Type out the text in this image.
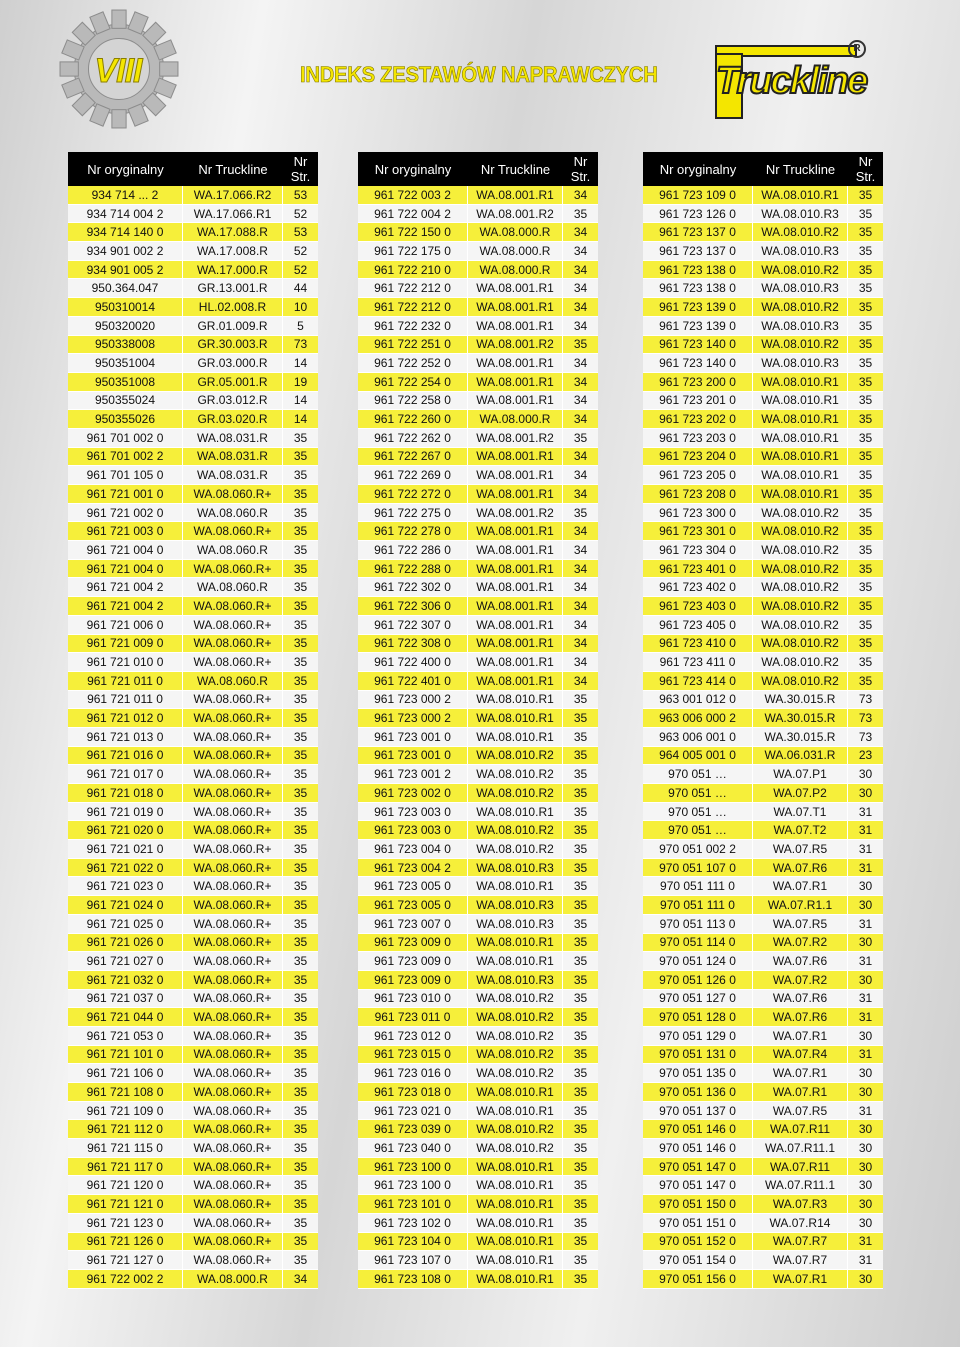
VIII	INDEKS ZESTAWÓW NAPRAWCZYCH Truckline
R
Nr oryginalny	Nr Truckline	Nr Str.
934 714 ... 2	WA.17.066.R2	53
934 714 004 2	WA.17.066.R1	52
934 714 140 0	WA.17.088.R	53
934 901 002 2	WA.17.008.R	52
934 901 005 2	WA.17.000.R	52
950.364.047	GR.13.001.R	44
950310014	HL.02.008.R	10
950320020	GR.01.009.R	5
950338008	GR.30.003.R	73
950351004	GR.03.000.R	14
950351008	GR.05.001.R	19
950355024	GR.03.012.R	14
950355026	GR.03.020.R	14
961 701 002 0	WA.08.031.R	35
961 701 002 2	WA.08.031.R	35
961 701 105 0	WA.08.031.R	35
961 721 001 0	WA.08.060.R+	35
961 721 002 0	WA.08.060.R	35
961 721 003 0	WA.08.060.R+	35
961 721 004 0	WA.08.060.R	35
961 721 004 0	WA.08.060.R+	35
961 721 004 2	WA.08.060.R	35
961 721 004 2	WA.08.060.R+	35
961 721 006 0	WA.08.060.R+	35
961 721 009 0	WA.08.060.R+	35
961 721 010 0	WA.08.060.R+	35
961 721 011 0	WA.08.060.R	35
961 721 011 0	WA.08.060.R+	35
961 721 012 0	WA.08.060.R+	35
961 721 013 0	WA.08.060.R+	35
961 721 016 0	WA.08.060.R+	35
961 721 017 0	WA.08.060.R+	35
961 721 018 0	WA.08.060.R+	35
961 721 019 0	WA.08.060.R+	35
961 721 020 0	WA.08.060.R+	35
961 721 021 0	WA.08.060.R+	35
961 721 022 0	WA.08.060.R+	35
961 721 023 0	WA.08.060.R+	35
961 721 024 0	WA.08.060.R+	35
961 721 025 0	WA.08.060.R+	35
961 721 026 0	WA.08.060.R+	35
961 721 027 0	WA.08.060.R+	35
961 721 032 0	WA.08.060.R+	35
961 721 037 0	WA.08.060.R+	35
961 721 044 0	WA.08.060.R+	35
961 721 053 0	WA.08.060.R+	35
961 721 101 0	WA.08.060.R+	35
961 721 106 0	WA.08.060.R+	35
961 721 108 0	WA.08.060.R+	35
961 721 109 0	WA.08.060.R+	35
961 721 112 0	WA.08.060.R+	35
961 721 115 0	WA.08.060.R+	35
961 721 117 0	WA.08.060.R+	35
961 721 120 0	WA.08.060.R+	35
961 721 121 0	WA.08.060.R+	35
961 721 123 0	WA.08.060.R+	35
961 721 126 0	WA.08.060.R+	35
961 721 127 0	WA.08.060.R+	35
961 722 002 2	WA.08.000.R	34
Nr oryginalny	Nr Truckline	Nr Str.
961 722 003 2	WA.08.001.R1	34
961 722 004 2	WA.08.001.R2	35
961 722 150 0	WA.08.000.R	34
961 722 175 0	WA.08.000.R	34
961 722 210 0	WA.08.000.R	34
961 722 212 0	WA.08.001.R1	34
961 722 212 0	WA.08.001.R1	34
961 722 232 0	WA.08.001.R1	34
961 722 251 0	WA.08.001.R2	35
961 722 252 0	WA.08.001.R1	34
961 722 254 0	WA.08.001.R1	34
961 722 258 0	WA.08.001.R1	34
961 722 260 0	WA.08.000.R	34
961 722 262 0	WA.08.001.R2	35
961 722 267 0	WA.08.001.R1	34
961 722 269 0	WA.08.001.R1	34
961 722 272 0	WA.08.001.R1	34
961 722 275 0	WA.08.001.R2	35
961 722 278 0	WA.08.001.R1	34
961 722 286 0	WA.08.001.R1	34
961 722 288 0	WA.08.001.R1	34
961 722 302 0	WA.08.001.R1	34
961 722 306 0	WA.08.001.R1	34
961 722 307 0	WA.08.001.R1	34
961 722 308 0	WA.08.001.R1	34
961 722 400 0	WA.08.001.R1	34
961 722 401 0	WA.08.001.R1	34
961 723 000 2	WA.08.010.R1	35
961 723 000 2	WA.08.010.R1	35
961 723 001 0	WA.08.010.R1	35
961 723 001 0	WA.08.010.R2	35
961 723 001 2	WA.08.010.R2	35
961 723 002 0	WA.08.010.R2	35
961 723 003 0	WA.08.010.R1	35
961 723 003 0	WA.08.010.R2	35
961 723 004 0	WA.08.010.R2	35
961 723 004 2	WA.08.010.R3	35
961 723 005 0	WA.08.010.R1	35
961 723 005 0	WA.08.010.R3	35
961 723 007 0	WA.08.010.R3	35
961 723 009 0	WA.08.010.R1	35
961 723 009 0	WA.08.010.R1	35
961 723 009 0	WA.08.010.R3	35
961 723 010 0	WA.08.010.R2	35
961 723 011 0	WA.08.010.R2	35
961 723 012 0	WA.08.010.R2	35
961 723 015 0	WA.08.010.R2	35
961 723 016 0	WA.08.010.R2	35
961 723 018 0	WA.08.010.R1	35
961 723 021 0	WA.08.010.R1	35
961 723 039 0	WA.08.010.R2	35
961 723 040 0	WA.08.010.R2	35
961 723 100 0	WA.08.010.R1	35
961 723 100 0	WA.08.010.R1	35
961 723 101 0	WA.08.010.R1	35
961 723 102 0	WA.08.010.R1	35
961 723 104 0	WA.08.010.R1	35
961 723 107 0	WA.08.010.R1	35
961 723 108 0	WA.08.010.R1	35
Nr oryginalny	Nr Truckline	Nr Str.
961 723 109 0	WA.08.010.R1	35
961 723 126 0	WA.08.010.R3	35
961 723 137 0	WA.08.010.R2	35
961 723 137 0	WA.08.010.R3	35
961 723 138 0	WA.08.010.R2	35
961 723 138 0	WA.08.010.R3	35
961 723 139 0	WA.08.010.R2	35
961 723 139 0	WA.08.010.R3	35
961 723 140 0	WA.08.010.R2	35
961 723 140 0	WA.08.010.R3	35
961 723 200 0	WA.08.010.R1	35
961 723 201 0	WA.08.010.R1	35
961 723 202 0	WA.08.010.R1	35
961 723 203 0	WA.08.010.R1	35
961 723 204 0	WA.08.010.R1	35
961 723 205 0	WA.08.010.R1	35
961 723 208 0	WA.08.010.R1	35
961 723 300 0	WA.08.010.R2	35
961 723 301 0	WA.08.010.R2	35
961 723 304 0	WA.08.010.R2	35
961 723 401 0	WA.08.010.R2	35
961 723 402 0	WA.08.010.R2	35
961 723 403 0	WA.08.010.R2	35
961 723 405 0	WA.08.010.R2	35
961 723 410 0	WA.08.010.R2	35
961 723 411 0	WA.08.010.R2	35
961 723 414 0	WA.08.010.R2	35
963 001 012 0	WA.30.015.R	73
963 006 000 2	WA.30.015.R	73
963 006 001 0	WA.30.015.R	73
964 005 001 0	WA.06.031.R	23
970 051 …	WA.07.P1	30
970 051 …	WA.07.P2	30
970 051 …	WA.07.T1	31
970 051 …	WA.07.T2	31
970 051 002 2	WA.07.R5	31
970 051 107 0	WA.07.R6	31
970 051 111 0	WA.07.R1	30
970 051 111 0	WA.07.R1.1	30
970 051 113 0	WA.07.R5	31
970 051 114 0	WA.07.R2	30
970 051 124 0	WA.07.R6	31
970 051 126 0	WA.07.R2	30
970 051 127 0	WA.07.R6	31
970 051 128 0	WA.07.R6	31
970 051 129 0	WA.07.R1	30
970 051 131 0	WA.07.R4	31
970 051 135 0	WA.07.R1	30
970 051 136 0	WA.07.R1	30
970 051 137 0	WA.07.R5	31
970 051 146 0	WA.07.R11	30
970 051 146 0	WA.07.R11.1	30
970 051 147 0	WA.07.R11	30
970 051 147 0	WA.07.R11.1	30
970 051 150 0	WA.07.R3	30
970 051 151 0	WA.07.R14	30
970 051 152 0	WA.07.R7	31
970 051 154 0	WA.07.R7	31
970 051 156 0	WA.07.R1	30
